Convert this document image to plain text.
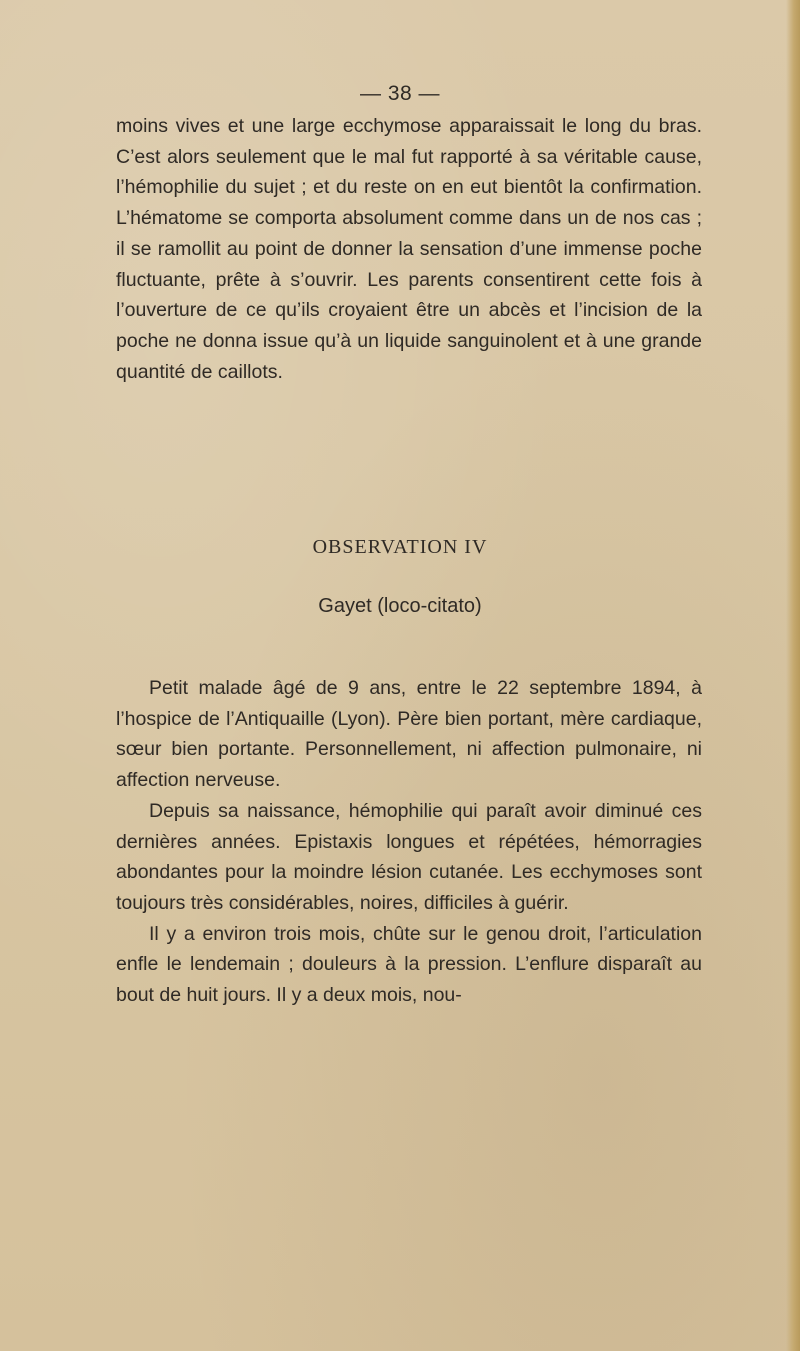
— 38 —

moins vives et une large ecchymose apparaissait le long du bras. C’est alors seulement que le mal fut rapporté à sa véritable cause, l’hémophilie du sujet ; et du reste on en eut bientôt la confirmation. L’hématome se comporta absolument comme dans un de nos cas ; il se ramollit au point de donner la sensation d’une immense poche fluctuante, prête à s’ouvrir. Les parents consentirent cette fois à l’ouverture de ce qu’ils croyaient être un abcès et l’incision de la poche ne donna issue qu’à un liquide sanguinolent et à une grande quantité de caillots.

OBSERVATION IV
Gayet (loco-citato)

Petit malade âgé de 9 ans, entre le 22 septembre 1894, à l’hospice de l’Antiquaille (Lyon). Père bien portant, mère cardiaque, sœur bien portante. Personnellement, ni affection pulmonaire, ni affection nerveuse.

Depuis sa naissance, hémophilie qui paraît avoir diminué ces dernières années. Epistaxis longues et répétées, hémorragies abondantes pour la moindre lésion cutanée. Les ecchymoses sont toujours très considérables, noires, difficiles à guérir.

Il y a environ trois mois, chûte sur le genou droit, l’articulation enfle le lendemain ; douleurs à la pression. L’enflure disparaît au bout de huit jours. Il y a deux mois, nou-
